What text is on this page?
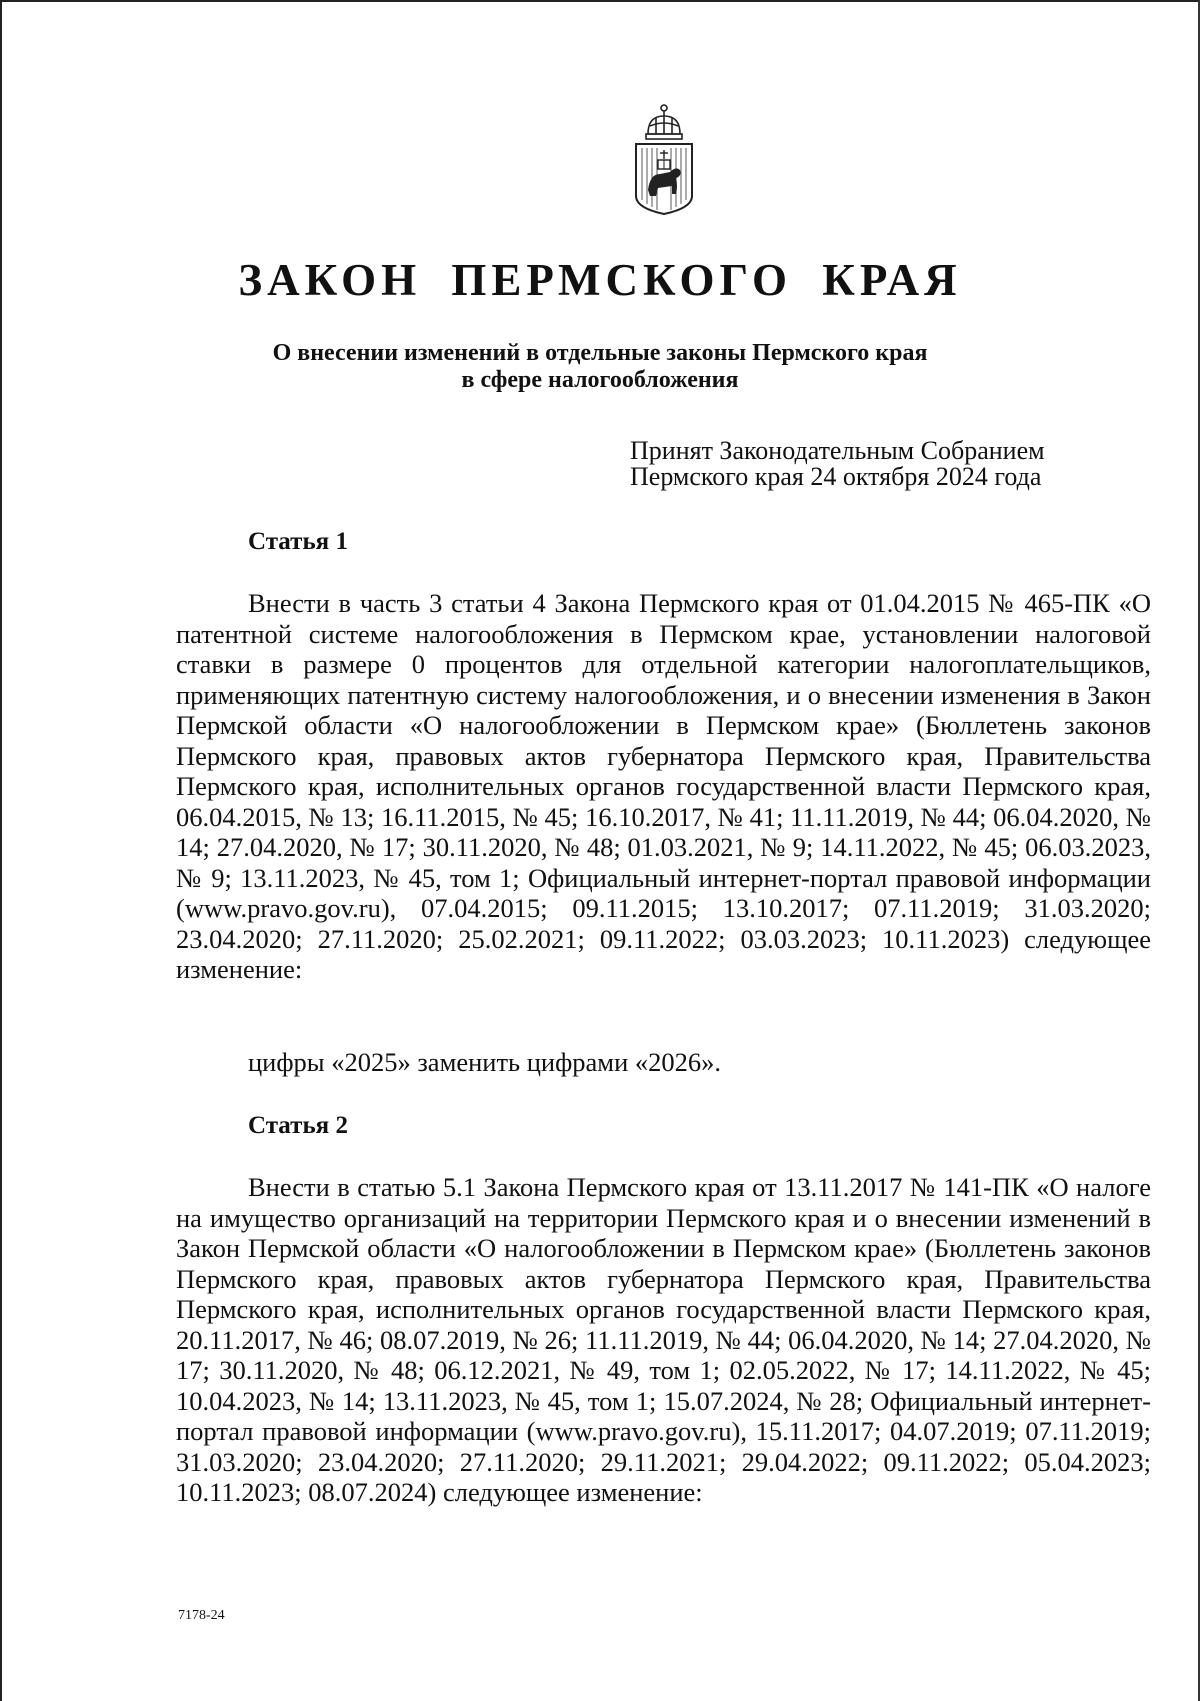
ЗАКОН ПЕРМСКОГО КРАЯ
О внесении изменений в отдельные законы Пермского края
в сфере налогообложения
Принят Законодательным Собранием
Пермского края 24 октября 2024 года
Статья 1

Внести в часть 3 статьи 4 Закона Пермского края от 01.04.2015 № 465-ПК «О патентной системе налогообложения в Пермском крае, установлении налоговой ставки в размере 0 процентов для отдельной категории налогоплательщиков, применяющих патентную систему налогообложения, и о внесении изменения в Закон Пермской области «О налогообложении в Пермском крае» (Бюллетень законов Пермского края, правовых актов губернатора Пермского края, Правительства Пермского края, исполнительных органов государственной власти Пермского края, 06.04.2015, № 13; 16.11.2015, № 45; 16.10.2017, № 41; 11.11.2019, № 44; 06.04.2020, № 14; 27.04.2020, № 17; 30.11.2020, № 48; 01.03.2021, № 9; 14.11.2022, № 45; 06.03.2023, № 9; 13.11.2023, № 45, том 1; Официальный интернет-портал правовой информации (www.pravo.gov.ru), 07.04.2015; 09.11.2015; 13.10.2017; 07.11.2019; 31.03.2020; 23.04.2020; 27.11.2020; 25.02.2021; 09.11.2022; 03.03.2023; 10.11.2023) следующее изменение:

цифры «2025» заменить цифрами «2026».

Статья 2

Внести в статью 5.1 Закона Пермского края от 13.11.2017 № 141-ПК «О налоге на имущество организаций на территории Пермского края и о внесении изменений в Закон Пермской области «О налогообложении в Пермском крае» (Бюллетень законов Пермского края, правовых актов губернатора Пермского края, Правительства Пермского края, исполнительных органов государственной власти Пермского края, 20.11.2017, № 46; 08.07.2019, № 26; 11.11.2019, № 44; 06.04.2020, № 14; 27.04.2020, № 17; 30.11.2020, № 48; 06.12.2021, № 49, том 1; 02.05.2022, № 17; 14.11.2022, № 45; 10.04.2023, № 14; 13.11.2023, № 45, том 1; 15.07.2024, № 28; Официальный интернет-портал правовой информации (www.pravo.gov.ru), 15.11.2017; 04.07.2019; 07.11.2019; 31.03.2020; 23.04.2020; 27.11.2020; 29.11.2021; 29.04.2022; 09.11.2022; 05.04.2023; 10.11.2023; 08.07.2024) следующее изменение:

7178-24
